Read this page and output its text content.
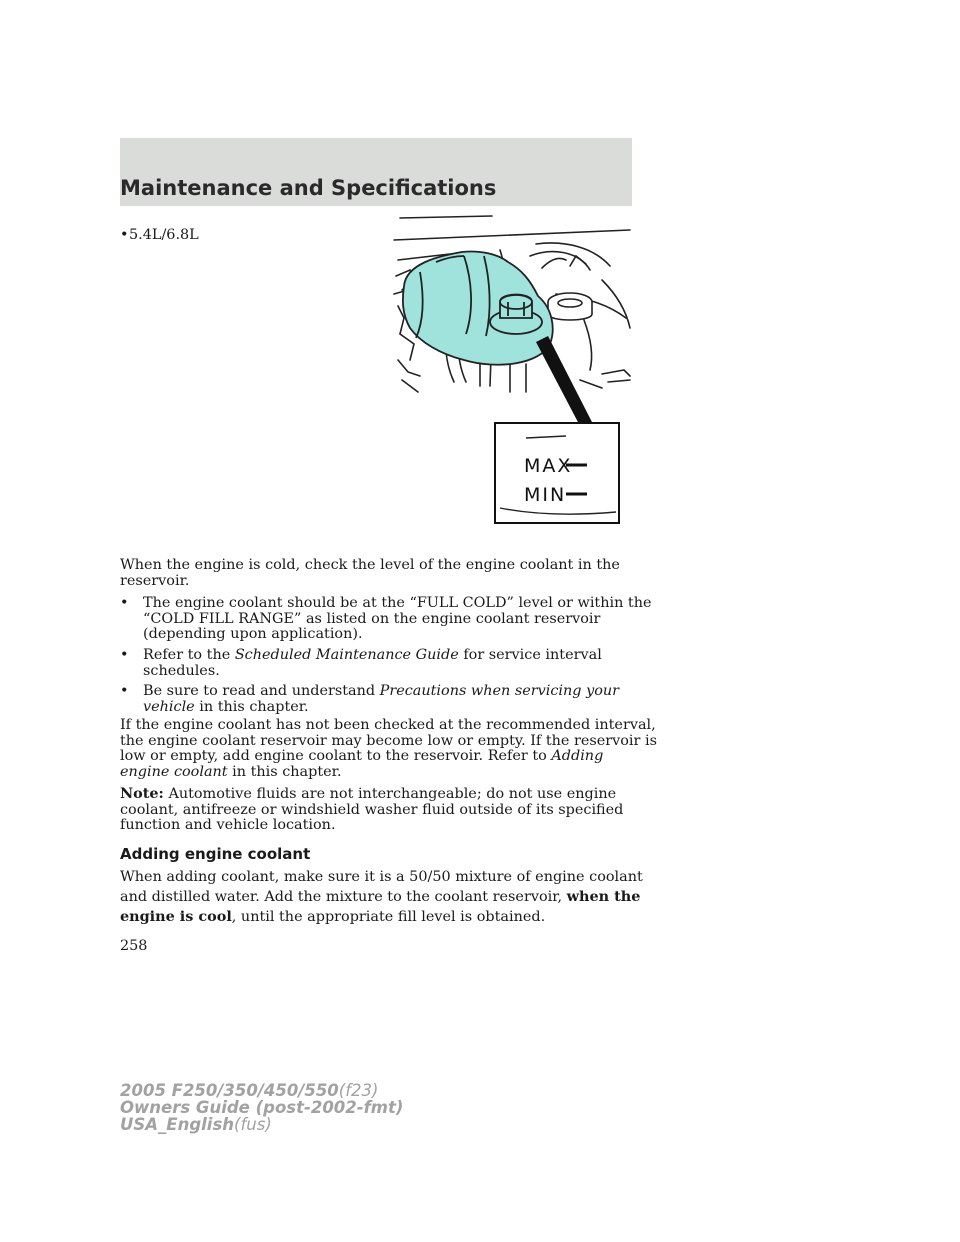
Maintenance and Specifications
• 5.4L/6.8L
MAX
MIN
When the engine is cold, check the level of the engine coolant in the
reservoir.
• The engine coolant should be at the “FULL COLD” level or within the
“COLD FILL RANGE” as listed on the engine coolant reservoir
(depending upon application).
• Refer to the Scheduled Maintenance Guide for service interval
schedules.
• Be sure to read and understand Precautions when servicing your
vehicle in this chapter.
If the engine coolant has not been checked at the recommended interval,
the engine coolant reservoir may become low or empty. If the reservoir is
low or empty, add engine coolant to the reservoir. Refer to Adding
engine coolant in this chapter.
Note: Automotive fluids are not interchangeable; do not use engine
coolant, antifreeze or windshield washer fluid outside of its specified
function and vehicle location.
Adding engine coolant
When adding coolant, make sure it is a 50/50 mixture of engine coolant
and distilled water. Add the mixture to the coolant reservoir, when the
engine is cool, until the appropriate fill level is obtained.
258
2005 F250/350/450/550(f23)
Owners Guide (post-2002-fmt)
USA_English(fus)
